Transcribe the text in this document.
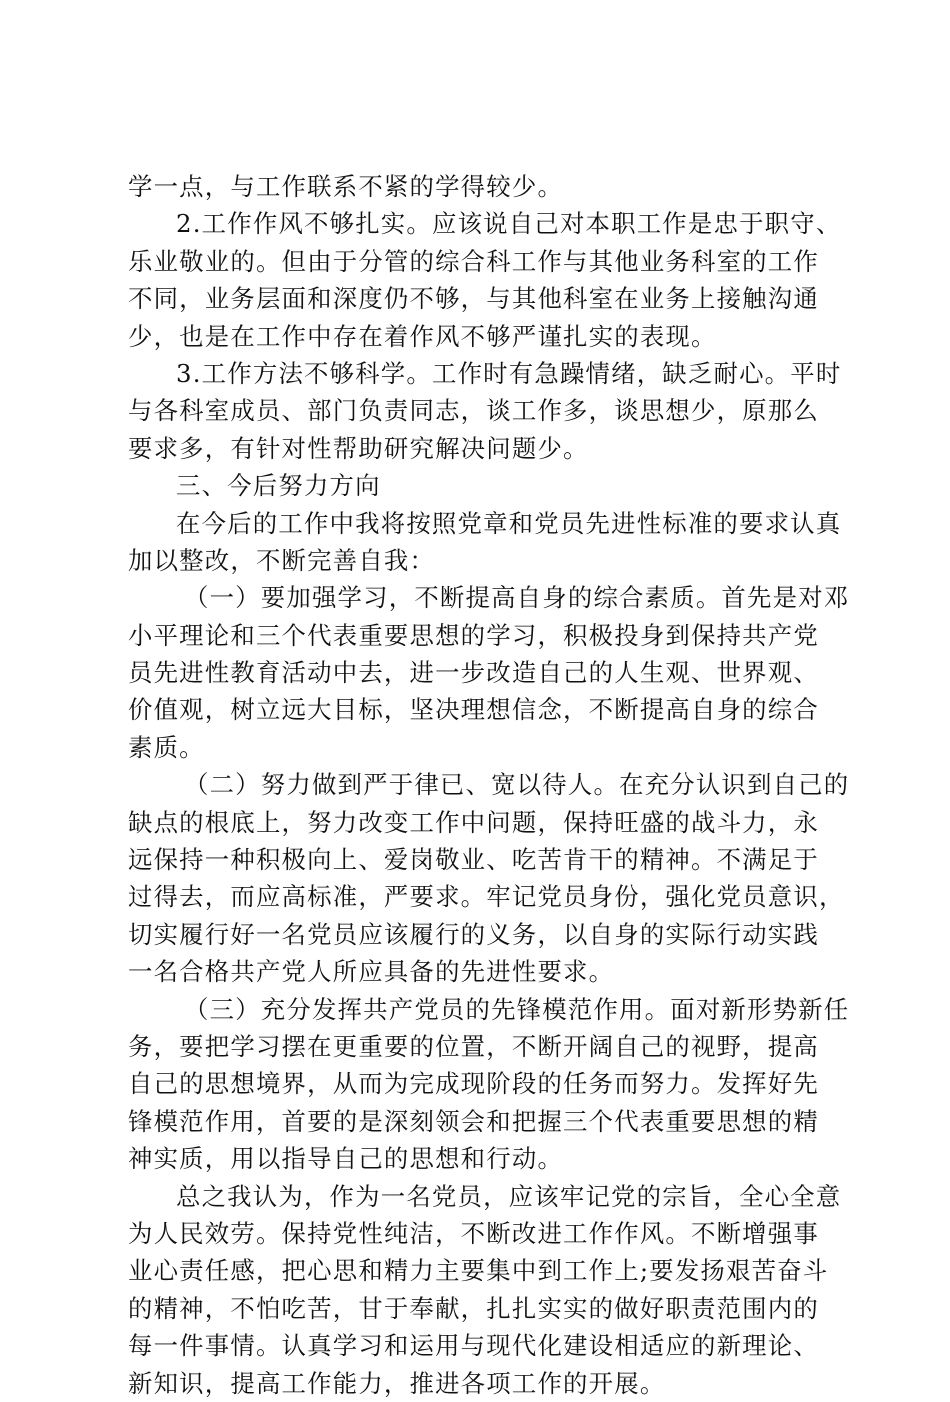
学一点，与工作联系不紧的学得较少。
2.工作作风不够扎实。应该说自己对本职工作是忠于职守、
乐业敬业的。但由于分管的综合科工作与其他业务科室的工作
不同，业务层面和深度仍不够，与其他科室在业务上接触沟通
少，也是在工作中存在着作风不够严谨扎实的表现。
3.工作方法不够科学。工作时有急躁情绪，缺乏耐心。平时
与各科室成员、部门负责同志，谈工作多，谈思想少，原那么
要求多，有针对性帮助研究解决问题少。
三、今后努力方向
在今后的工作中我将按照党章和党员先进性标准的要求认真
加以整改，不断完善自我：
（一）要加强学习，不断提高自身的综合素质。首先是对邓
小平理论和三个代表重要思想的学习，积极投身到保持共产党
员先进性教育活动中去，进一步改造自己的人生观、世界观、
价值观，树立远大目标，坚决理想信念，不断提高自身的综合
素质。
（二）努力做到严于律已、宽以待人。在充分认识到自己的
缺点的根底上，努力改变工作中问题，保持旺盛的战斗力，永
远保持一种积极向上、爱岗敬业、吃苦肯干的精神。不满足于
过得去，而应高标准，严要求。牢记党员身份，强化党员意识，
切实履行好一名党员应该履行的义务，以自身的实际行动实践
一名合格共产党人所应具备的先进性要求。
（三）充分发挥共产党员的先锋模范作用。面对新形势新任
务，要把学习摆在更重要的位置，不断开阔自己的视野，提高
自己的思想境界，从而为完成现阶段的任务而努力。发挥好先
锋模范作用，首要的是深刻领会和把握三个代表重要思想的精
神实质，用以指导自己的思想和行动。
总之我认为，作为一名党员，应该牢记党的宗旨，全心全意
为人民效劳。保持党性纯洁，不断改进工作作风。不断增强事
业心责任感，把心思和精力主要集中到工作上;要发扬艰苦奋斗
的精神，不怕吃苦，甘于奉献，扎扎实实的做好职责范围内的
每一件事情。认真学习和运用与现代化建设相适应的新理论、
新知识，提高工作能力，推进各项工作的开展。
